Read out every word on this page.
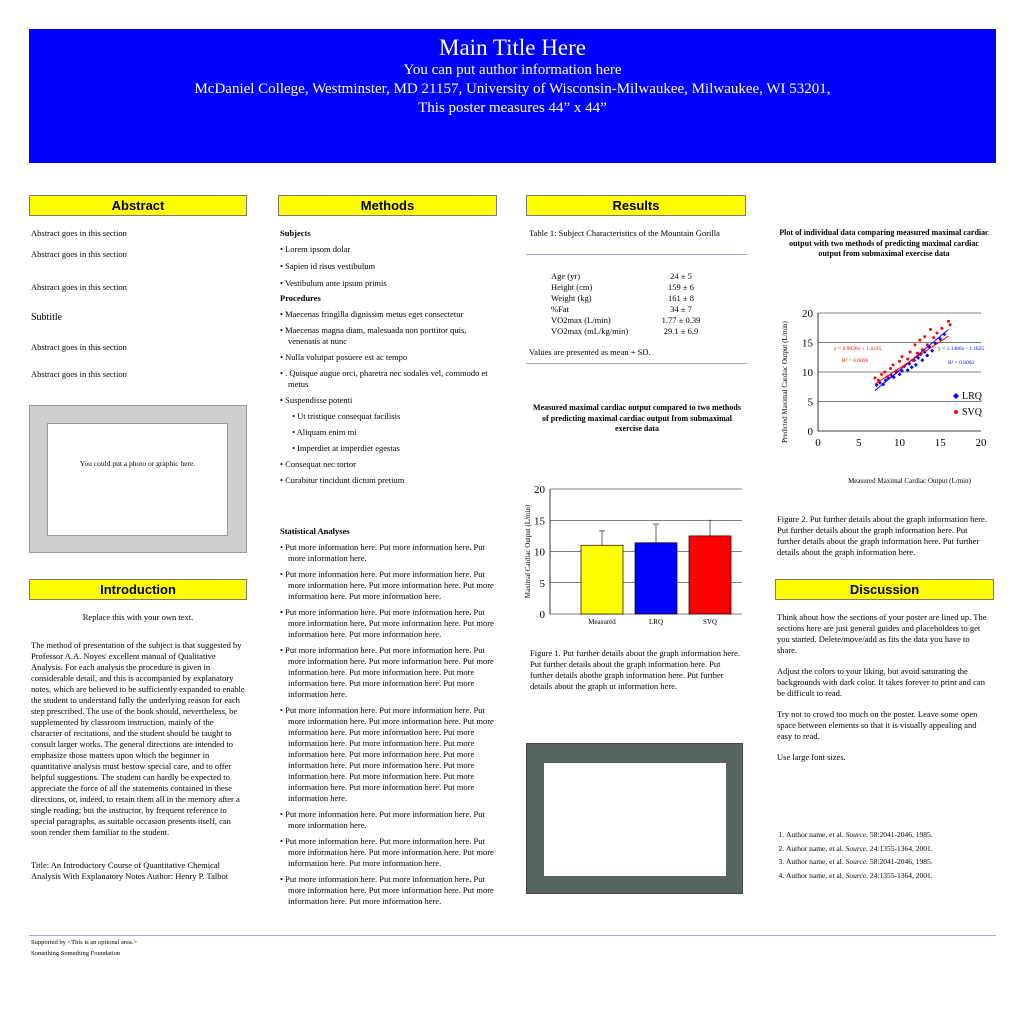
Main Title Here
You can put author information here
McDaniel College, Westminster, MD 21157, University of Wisconsin-Milwaukee, Milwaukee, WI 53201,
This poster measures 44” x 44”
Abstract

Abstract goes in this section

Abstract goes in this section

Abstract goes in this section

Subtitle

Abstract goes in this section

Abstract goes in this section

You could put a photo or graphic here.
Introduction

Replace this with your own text.

The method of presentation of the subject is that suggested by Professor A.A. Noyes' excellent manual of Qualitative Analysis. For each analysis the procedure is given in considerable detail, and this is accompanied by explanatory notes, which are believed to be sufficiently expanded to enable the student to understand fully the underlying reason for each step prescribed. The use of the book should, nevertheless, be supplemented by classroom instruction, mainly of the character of recitations, and the student should be taught to consult larger works. The general directions are intended to emphasize those matters upon which the beginner in quantitative analysis must bestow special care, and to offer helpful suggestions. The student can hardly be expected to appreciate the force of all the statements contained in these directions, or, indeed, to retain them all in the memory after a single reading; but the instructor, by frequent reference to special paragraphs, as suitable occasion presents itself, can soon render them familiar to the student.

Title: An Introductory Course of Quantitative Chemical Analysis With Explanatory Notes Author: Henry P. Talbot

Methods

Subjects

• Lorem ipsom dolar
• Sapien id risus vestibulum
• Vestibulum ante ipsum primis

Procedures

• Maecenas fringilla dignissim metus eget consectetur
• Maecenas magna diam, malesuada non porttitor quis, venenatis at nunc
• Nulla volutpat posuere est ac tempo
• . Quisque augue orci, pharetra nec sodales vel, commodo et metus
• Suspendisse potenti
• Ut tristique consequat facilisis
• Aliquam enim mi
• Imperdiet at imperdiet egestas
• Consequat nec tortor
• Curabitur tincidunt dictum pretium

Statistical Analyses

• Put more information here. Put more information here. Put more information here.
• Put more information here. Put more information here. Put more information here. Put more information here. Put more information here. Put more information here.
• Put more information here. Put more information here. Put more information here. Put more information here. Put more information here. Put more information here.
• Put more information here. Put more information here. Put more information here. Put more information here. Put more information here. Put more information here. Put more information here. Put more information here. Put more information here.
• Put more information here. Put more information here. Put more information here. Put more information here. Put more information here. Put more information here. Put more information here. Put more information here. Put more information here. Put more information here. Put more information here. Put more information here. Put more information here. Put more information here. Put more information here. Put more information here. Put more information here.
• Put more information here. Put more information here. Put more information here.
• Put more information here. Put more information here. Put more information here. Put more information here. Put more information here. Put more information here.
• Put more information here. Put more information here. Put more information here. Put more information here. Put more information here. Put more information here.
Results
Table 1: Subject Characteristics of the Mountain Gorilla
Age (yr)	24 ± 5
Height (cm)	159 ± 6
Weight (kg)	161 ± 8
%Fat	34 ± 7
VO2max (L/min)	1.77 ± 0.39
VO2max (mL/kg/min)	29.1 ± 6.9
Values are presented as mean + SD.
Measured maximal cardiac output compared to two methods of predicting maximal cardiac output from submaximal exercise data
0
5
10
15
20
Measured	LRQ	SVQ
Maximal Cardiac Output (L/min)
Figure 1. Put further details about the graph information here. Put further details about the graph information here. Put further details abothe graph information here. Put further details about the graph ut information here.
Plot of individual data comparing measured maximal cardiac output with two methods of predicting maximal cardiac output from submaximal exercise data
0
5
10
15
20
0	5	10	15	20
y = 1.1486x - 1.1825
R² = 0.8003
y = 0.9028x + 1.6245
R² = 0.6696
LRQ
SVQ
Predicted Maximal Cardiac Output (L/min)
Measured Maximal Cardiac Output (L/min)
Figure 2. Put further details about the graph information here. Put further details about the graph information here. Put further details about the graph information here. Put further details about the graph information here.
Discussion

Think about how the sections of your poster are lined up. The sections here are just general guides and placeholders to get you started. Delete/move/add as fits the data you have to share.

Adjust the colors to your liking, but avoid saturating the backgrounds with dark color. It takes forever to print and can be difficult to read.

Try not to crowd too much on the poster. Leave some open space between elements so that it is visually appealing and easy to read.

Use large font sizes.

1. Author name, et al. Source. 58:2041-2046, 1985.
2. Author name, et al. Source. 24:1355-1364, 2001.
3. Author name, et al. Source. 58:2041-2046, 1985.
4. Author name, et al. Source. 24:1355-1364, 2001.
Supported by <This is an optional area.>
Something Something Foundation
